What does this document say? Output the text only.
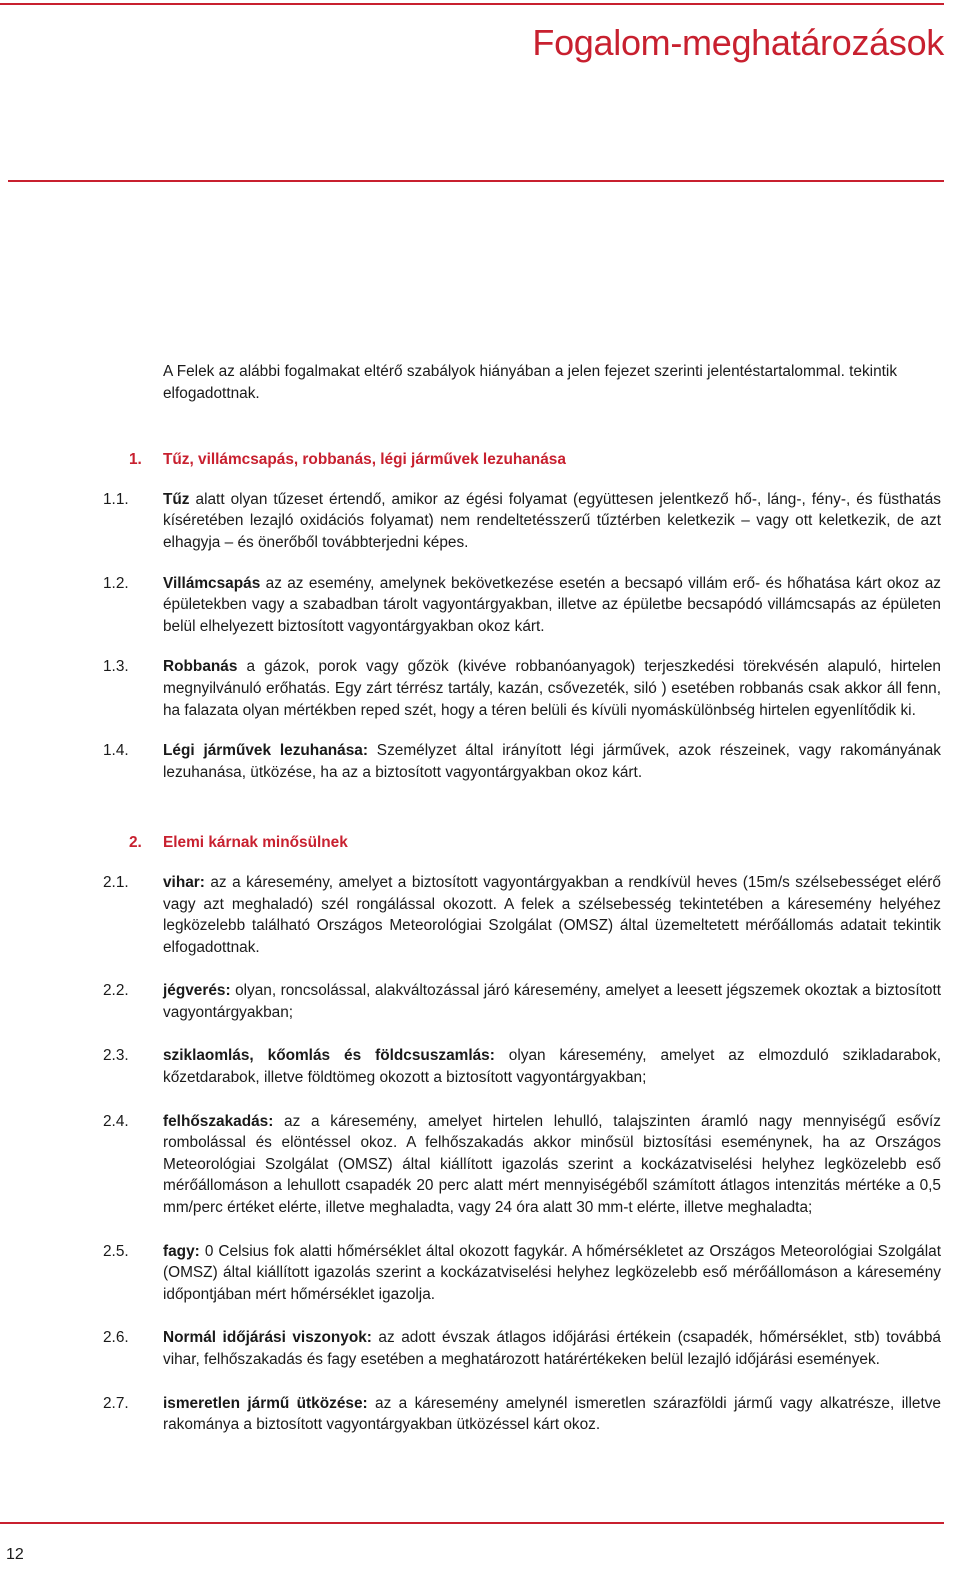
Fogalom-meghatározások

A Felek az alábbi fogalmakat eltérő szabályok hiányában a jelen fejezet szerinti jelentéstartalommal. tekintik elfogadottnak.

1.	Tűz, villámcsapás, robbanás, légi járművek lezuhanása
1.1.	Tűz alatt olyan tűzeset értendő, amikor az égési folyamat (együttesen jelentkező hő-, láng-, fény-, és füsthatás kíséretében lezajló oxidációs folyamat) nem rendeltetésszerű tűztérben keletkezik – vagy ott keletkezik, de azt elhagyja – és önerőből továbbterjedni képes.
1.2.	Villámcsapás az az esemény, amelynek bekövetkezése esetén a becsapó villám erő- és hőhatása kárt okoz az épületekben vagy a szabadban tárolt vagyontárgyakban, illetve az épületbe becsapódó villámcsapás az épületen belül elhelyezett biztosított vagyontárgyakban okoz kárt.
1.3.	Robbanás a gázok, porok vagy gőzök (kivéve robbanóanyagok) terjeszkedési törekvésén alapuló, hirtelen megnyilvánuló erőhatás. Egy zárt térrész tartály, kazán, csővezeték, siló ) esetében robbanás csak akkor áll fenn, ha falazata olyan mértékben reped szét, hogy a téren belüli és kívüli nyomáskülönbség hirtelen egyenlítődik ki.
1.4.	Légi járművek lezuhanása: Személyzet által irányított légi járművek, azok részeinek, vagy rakományának lezuhanása, ütközése, ha az a biztosított vagyontárgyakban okoz kárt.
2.	Elemi kárnak minősülnek
2.1.	vihar: az a káresemény, amelyet a biztosított vagyontárgyakban a rendkívül heves (15m/s szélsebességet elérő vagy azt meghaladó) szél rongálással okozott. A felek a szélsebesség tekintetében a káresemény helyéhez legközelebb található Országos Meteorológiai Szolgálat (OMSZ) által üzemeltetett mérőállomás adatait tekintik elfogadottnak.
2.2.	jégverés: olyan, roncsolással, alakváltozással járó káresemény, amelyet a leesett jégszemek okoztak a biztosított vagyontárgyakban;
2.3.	sziklaomlás, kőomlás és földcsuszamlás: olyan káresemény, amelyet az elmozduló szikladarabok, kőzetdarabok, illetve földtömeg okozott a biztosított vagyontárgyakban;
2.4.	felhőszakadás: az a káresemény, amelyet hirtelen lehulló, talajszinten áramló nagy mennyiségű esővíz rombolással és elöntéssel okoz. A felhőszakadás akkor minősül biztosítási eseménynek, ha az Országos Meteorológiai Szolgálat (OMSZ) által kiállított igazolás szerint a kockázatviselési helyhez legközelebb eső mérőállomáson a lehullott csapadék 20 perc alatt mért mennyiségéből számított átlagos intenzitás mértéke a 0,5 mm/perc értéket elérte, illetve meghaladta, vagy 24 óra alatt 30 mm-t elérte, illetve meghaladta;
2.5.	fagy: 0 Celsius fok alatti hőmérséklet által okozott fagykár. A hőmérsékletet az Országos Meteorológiai Szolgálat (OMSZ) által kiállított igazolás szerint a kockázatviselési helyhez legközelebb eső mérőállomáson a káresemény időpontjában mért hőmérséklet igazolja.
2.6.	Normál időjárási viszonyok: az adott évszak átlagos időjárási értékein (csapadék, hőmérséklet, stb) továbbá vihar, felhőszakadás és fagy esetében a meghatározott határértékeken belül lezajló időjárási események.
2.7.	ismeretlen jármű ütközése: az a káresemény amelynél ismeretlen szárazföldi jármű vagy alkatrésze, illetve rakománya a biztosított vagyontárgyakban ütközéssel kárt okoz.
12
